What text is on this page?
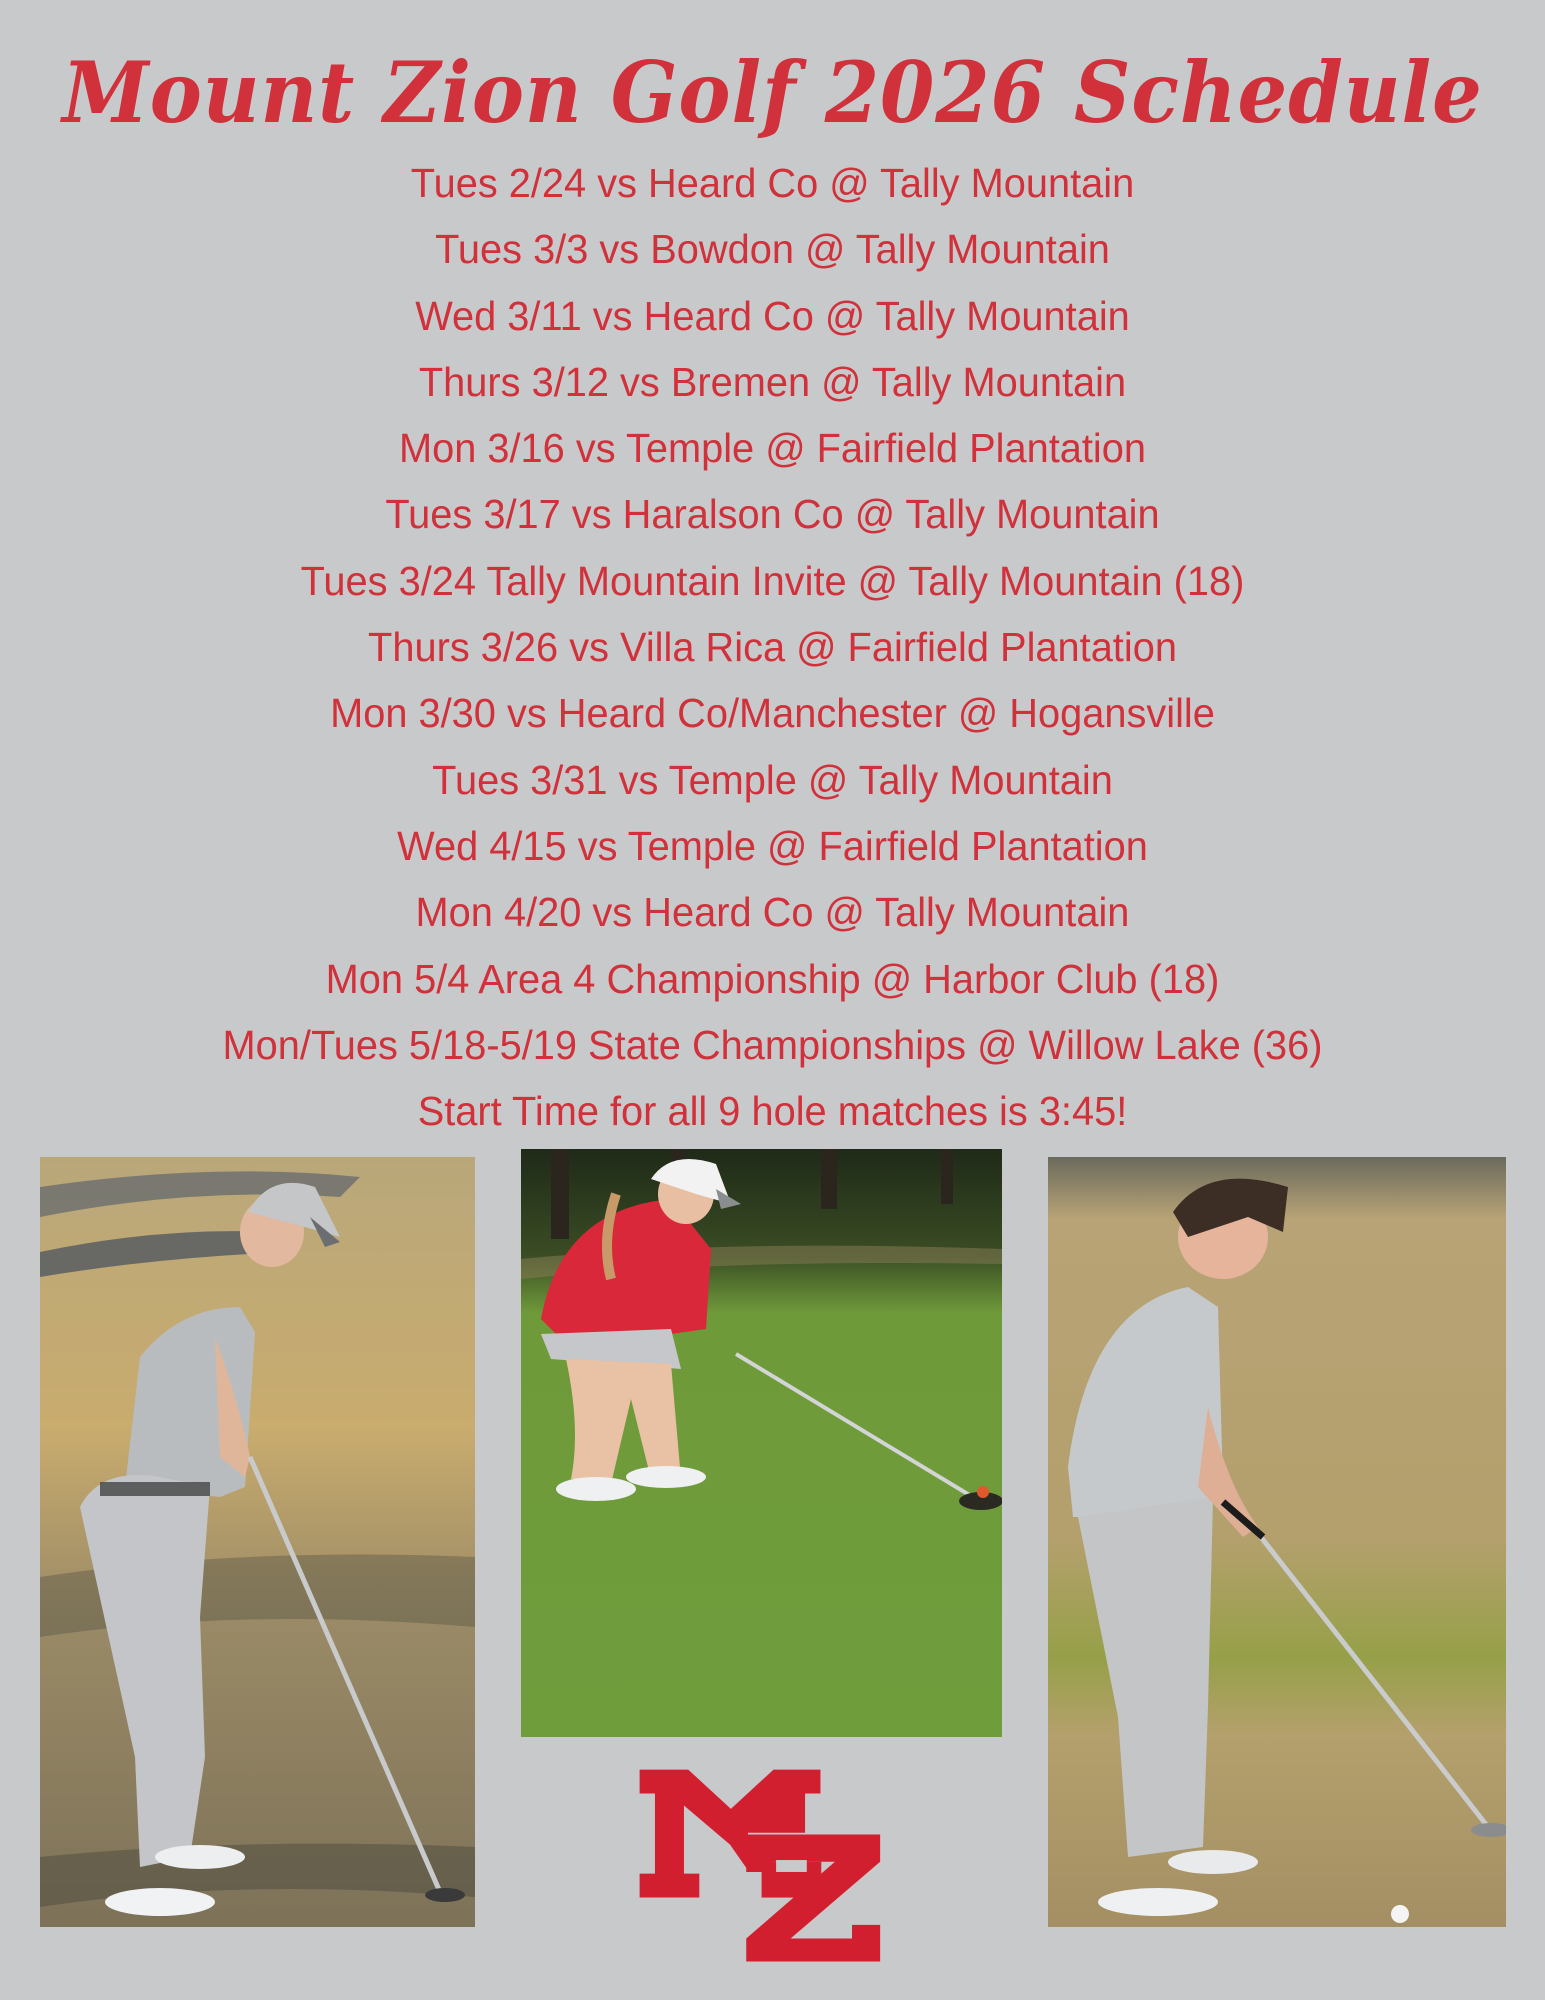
Mount Zion Golf 2026 Schedule
Tues 2/24 vs Heard Co @ Tally Mountain
Tues 3/3 vs Bowdon @ Tally Mountain
Wed 3/11 vs Heard Co @ Tally Mountain
Thurs 3/12 vs Bremen @ Tally Mountain
Mon 3/16 vs Temple @ Fairfield Plantation
Tues 3/17 vs Haralson Co @ Tally Mountain
Tues 3/24 Tally Mountain Invite @ Tally Mountain (18)
Thurs 3/26 vs Villa Rica @ Fairfield Plantation
Mon 3/30 vs Heard Co/Manchester @ Hogansville
Tues 3/31 vs Temple @ Tally Mountain
Wed 4/15 vs Temple @ Fairfield Plantation
Mon 4/20 vs Heard Co @ Tally Mountain
Mon 5/4 Area 4 Championship @ Harbor Club (18)
Mon/Tues 5/18-5/19 State Championships @ Willow Lake (36)

Start Time for all 9 hole matches is 3:45!
